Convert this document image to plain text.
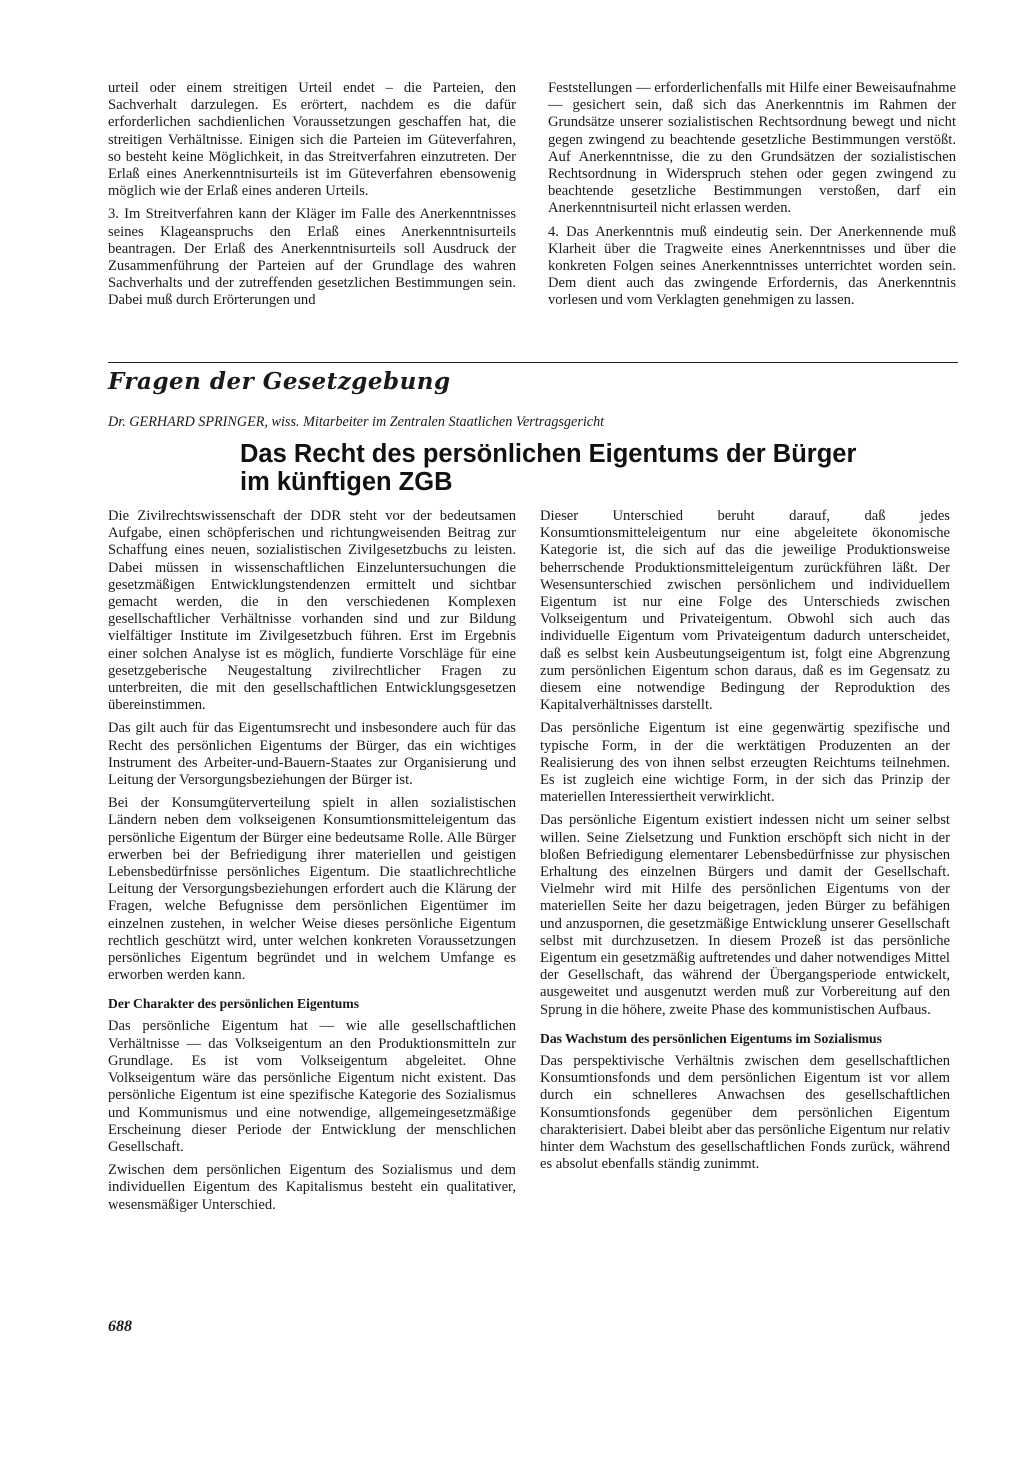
urteil oder einem streitigen Urteil endet – die Parteien, den Sachverhalt darzulegen. Es erörtert, nachdem es die dafür erforderlichen sachdienlichen Voraussetzungen geschaffen hat, die streitigen Verhältnisse. Einigen sich die Parteien im Güteverfahren, so besteht keine Möglichkeit, in das Streitverfahren einzutreten. Der Erlaß eines Anerkenntnisurteils ist im Güteverfahren ebensowenig möglich wie der Erlaß eines anderen Urteils.

3. Im Streitverfahren kann der Kläger im Falle des Anerkenntnisses seines Klageanspruchs den Erlaß eines Anerkenntnisurteils beantragen. Der Erlaß des Anerkenntnisurteils soll Ausdruck der Zusammenführung der Parteien auf der Grundlage des wahren Sachverhalts und der zutreffenden gesetzlichen Bestimmungen sein. Dabei muß durch Erörterungen und

Feststellungen — erforderlichenfalls mit Hilfe einer Beweisaufnahme — gesichert sein, daß sich das Anerkenntnis im Rahmen der Grundsätze unserer sozialistischen Rechtsordnung bewegt und nicht gegen zwingend zu beachtende gesetzliche Bestimmungen verstößt. Auf Anerkenntnisse, die zu den Grundsätzen der sozialistischen Rechtsordnung in Widerspruch stehen oder gegen zwingend zu beachtende gesetzliche Bestimmungen verstoßen, darf ein Anerkenntnisurteil nicht erlassen werden.

4. Das Anerkenntnis muß eindeutig sein. Der Anerkennende muß Klarheit über die Tragweite eines Anerkenntnisses und über die konkreten Folgen seines Anerkenntnisses unterrichtet worden sein. Dem dient auch das zwingende Erfordernis, das Anerkenntnis vorlesen und vom Verklagten genehmigen zu lassen.

Fragen der Gesetzgebung

Dr. GERHARD SPRINGER, wiss. Mitarbeiter im Zentralen Staatlichen Vertragsgericht

Das Recht des persönlichen Eigentums der Bürger
im künftigen ZGB

Die Zivilrechtswissenschaft der DDR steht vor der bedeutsamen Aufgabe, einen schöpferischen und richtungweisenden Beitrag zur Schaffung eines neuen, sozialistischen Zivilgesetzbuchs zu leisten. Dabei müssen in wissenschaftlichen Einzeluntersuchungen die gesetzmäßigen Entwicklungstendenzen ermittelt und sichtbar gemacht werden, die in den verschiedenen Komplexen gesellschaftlicher Verhältnisse vorhanden sind und zur Bildung vielfältiger Institute im Zivilgesetzbuch führen. Erst im Ergebnis einer solchen Analyse ist es möglich, fundierte Vorschläge für eine gesetzgeberische Neugestaltung zivilrechtlicher Fragen zu unterbreiten, die mit den gesellschaftlichen Entwicklungsgesetzen übereinstimmen.

Das gilt auch für das Eigentumsrecht und insbesondere auch für das Recht des persönlichen Eigentums der Bürger, das ein wichtiges Instrument des Arbeiter-und-Bauern-Staates zur Organisierung und Leitung der Versorgungsbeziehungen der Bürger ist.

Bei der Konsumgüterverteilung spielt in allen sozialistischen Ländern neben dem volkseigenen Konsumtionsmitteleigentum das persönliche Eigentum der Bürger eine bedeutsame Rolle. Alle Bürger erwerben bei der Befriedigung ihrer materiellen und geistigen Lebensbedürfnisse persönliches Eigentum. Die staatlichrechtliche Leitung der Versorgungsbeziehungen erfordert auch die Klärung der Fragen, welche Befugnisse dem persönlichen Eigentümer im einzelnen zustehen, in welcher Weise dieses persönliche Eigentum rechtlich geschützt wird, unter welchen konkreten Voraussetzungen persönliches Eigentum begründet und in welchem Umfange es erworben werden kann.

Der Charakter des persönlichen Eigentums

Das persönliche Eigentum hat — wie alle gesellschaftlichen Verhältnisse — das Volkseigentum an den Produktionsmitteln zur Grundlage. Es ist vom Volkseigentum abgeleitet. Ohne Volkseigentum wäre das persönliche Eigentum nicht existent. Das persönliche Eigentum ist eine spezifische Kategorie des Sozialismus und Kommunismus und eine notwendige, allgemeingesetzmäßige Erscheinung dieser Periode der Entwicklung der menschlichen Gesellschaft.

Zwischen dem persönlichen Eigentum des Sozialismus und dem individuellen Eigentum des Kapitalismus besteht ein qualitativer, wesensmäßiger Unterschied.

Dieser Unterschied beruht darauf, daß jedes Konsumtionsmitteleigentum nur eine abgeleitete ökonomische Kategorie ist, die sich auf das die jeweilige Produktionsweise beherrschende Produktionsmitteleigentum zurückführen läßt. Der Wesensunterschied zwischen persönlichem und individuellem Eigentum ist nur eine Folge des Unterschieds zwischen Volkseigentum und Privateigentum. Obwohl sich auch das individuelle Eigentum vom Privateigentum dadurch unterscheidet, daß es selbst kein Ausbeutungseigentum ist, folgt eine Abgrenzung zum persönlichen Eigentum schon daraus, daß es im Gegensatz zu diesem eine notwendige Bedingung der Reproduktion des Kapitalverhältnisses darstellt.

Das persönliche Eigentum ist eine gegenwärtig spezifische und typische Form, in der die werktätigen Produzenten an der Realisierung des von ihnen selbst erzeugten Reichtums teilnehmen. Es ist zugleich eine wichtige Form, in der sich das Prinzip der materiellen Interessiertheit verwirklicht.

Das persönliche Eigentum existiert indessen nicht um seiner selbst willen. Seine Zielsetzung und Funktion erschöpft sich nicht in der bloßen Befriedigung elementarer Lebensbedürfnisse zur physischen Erhaltung des einzelnen Bürgers und damit der Gesellschaft. Vielmehr wird mit Hilfe des persönlichen Eigentums von der materiellen Seite her dazu beigetragen, jeden Bürger zu befähigen und anzuspornen, die gesetzmäßige Entwicklung unserer Gesellschaft selbst mit durchzusetzen. In diesem Prozeß ist das persönliche Eigentum ein gesetzmäßig auftretendes und daher notwendiges Mittel der Gesellschaft, das während der Übergangsperiode entwickelt, ausgeweitet und ausgenutzt werden muß zur Vorbereitung auf den Sprung in die höhere, zweite Phase des kommunistischen Aufbaus.

Das Wachstum des persönlichen Eigentums im Sozialismus

Das perspektivische Verhältnis zwischen dem gesellschaftlichen Konsumtionsfonds und dem persönlichen Eigentum ist vor allem durch ein schnelleres Anwachsen des gesellschaftlichen Konsumtionsfonds gegenüber dem persönlichen Eigentum charakterisiert. Dabei bleibt aber das persönliche Eigentum nur relativ hinter dem Wachstum des gesellschaftlichen Fonds zurück, während es absolut ebenfalls ständig zunimmt.

688
